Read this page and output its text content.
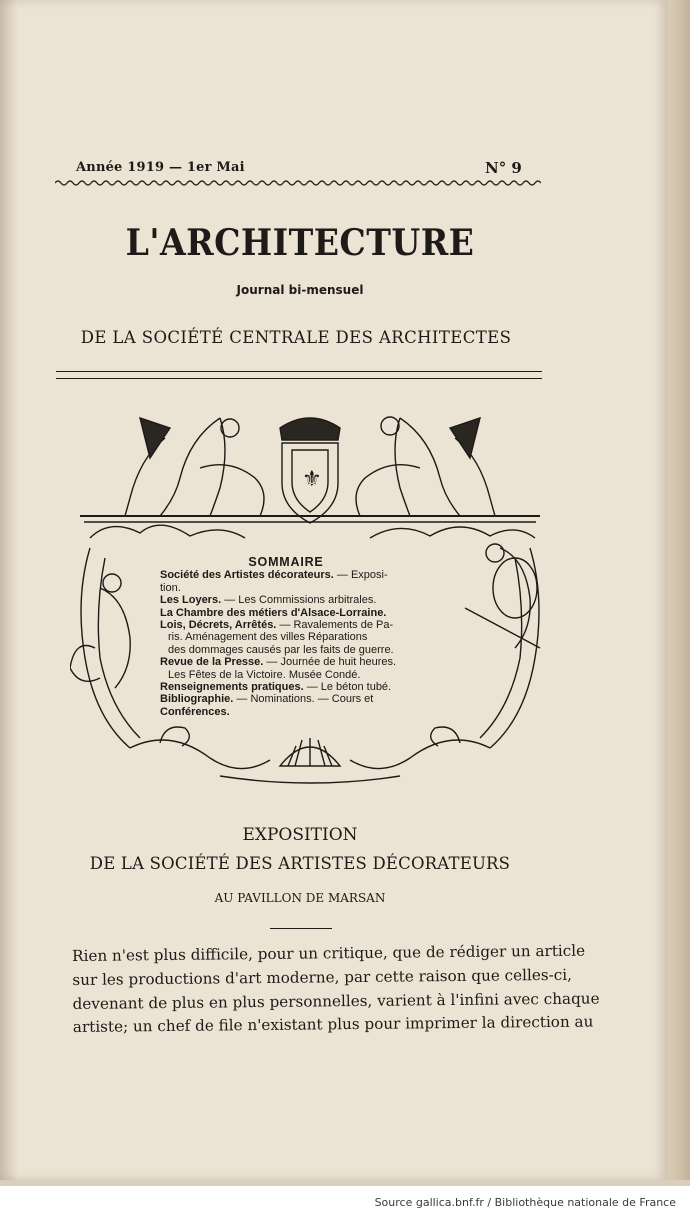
Année 1919 — 1er Mai	N° 9
L'ARCHITECTURE
Journal bi-mensuel
DE LA SOCIÉTÉ CENTRALE DES ARCHITECTES
⚜
SOMMAIRE

Société des Artistes décorateurs. — Exposi-

tion.

Les Loyers. — Les Commissions arbitrales.

La Chambre des métiers d'Alsace-Lorraine.

Lois, Décrets, Arrêtés. — Ravalements de Pa-

ris. Aménagement des villes Réparations

des dommages causés par les faits de guerre.

Revue de la Presse. — Journée de huit heures.

Les Fêtes de la Victoire. Musée Condé.

Renseignements pratiques. — Le béton tubé.

Bibliographie. — Nominations. — Cours et

Conférences.

EXPOSITION
DE LA SOCIÉTÉ DES ARTISTES DÉCORATEURS
AU PAVILLON DE MARSAN
Rien n'est plus difficile, pour un critique, que de rédiger un article
sur les productions d'art moderne, par cette raison que celles-ci,
devenant de plus en plus personnelles, varient à l'infini avec chaque
artiste; un chef de file n'existant plus pour imprimer la direction au
Source gallica.bnf.fr / Bibliothèque nationale de France
